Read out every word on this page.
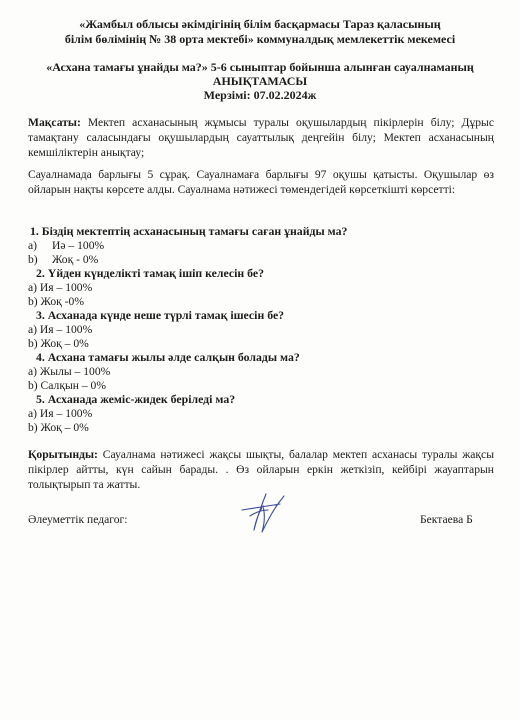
«Жамбыл облысы әкімдігінің білім басқармасы Тараз қаласының
білім бөлімінің № 38 орта мектебі» коммуналдық мемлекеттік мекемесі
«Асхана тамағы ұнайды ма?» 5-6 сыныптар бойынша алынған сауалнаманың
АНЫҚТАМАСЫ
Мерзімі: 07.02.2024ж
Мақсаты: Мектеп асханасының жұмысы туралы оқушылардың пікірлерін білу; Дұрыс тамақтану саласындағы оқушылардың сауаттылық деңгейін білу; Мектеп асханасының кемшіліктерін анықтау;
Сауалнамада барлығы 5 сұрақ. Сауалнамаға барлығы 97 оқушы қатысты. Оқушылар өз ойларын нақты көрсете алды. Сауалнама нәтижесі төмендегідей көрсеткішті көрсетті:
1. Біздің мектептің асханасының тамағы саған ұнайды ма?
a)	Иә – 100%
b)	Жоқ - 0%
2. Үйден күнделікті тамақ ішіп келесін бе?
а) Ия – 100%
b) Жоқ -0%
3. Асханада күнде неше түрлі тамақ ішесін бе?
а) Ия – 100%
b) Жоқ – 0%
4. Асхана тамағы жылы әлде салқын болады ма?
а) Жылы – 100%
b) Салқын – 0%
5. Асханада жеміс-жидек беріледі ма?
а) Ия – 100%
b) Жоқ – 0%
Қорытынды: Сауалнама нәтижесі жақсы шықты, балалар мектеп асханасы туралы жақсы пікірлер айтты, күн сайын барады. . Өз ойларын еркін жеткізіп, кейбірі жауаптарын толықтырып та жатты.
Әлеуметтік педагог:	Бектаева Б
